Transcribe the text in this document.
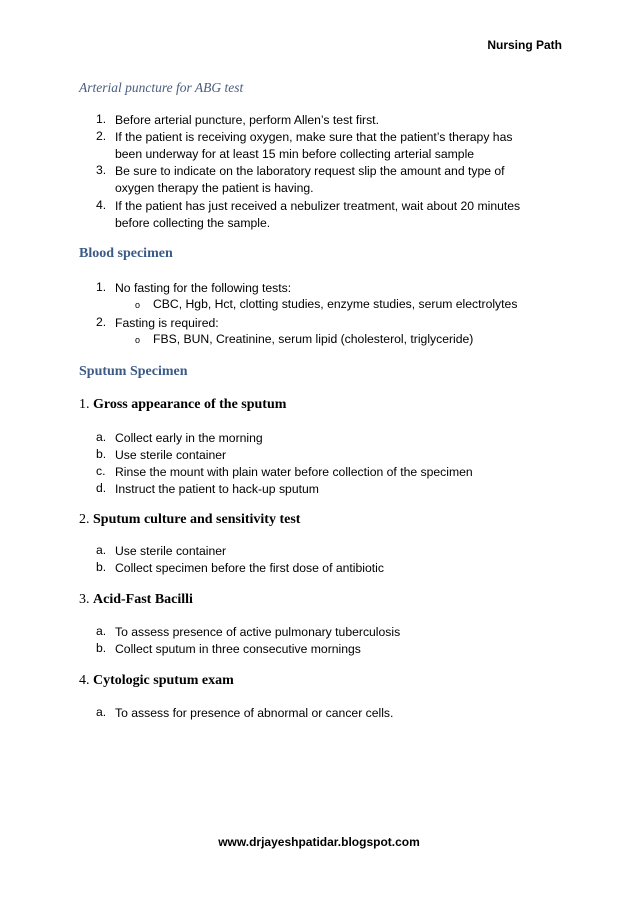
Nursing Path
Arterial puncture for ABG test
1. Before arterial puncture, perform Allen’s test first.
2. If the patient is receiving oxygen, make sure that the patient’s therapy has
been underway for at least 15 min before collecting arterial sample
3. Be sure to indicate on the laboratory request slip the amount and type of
oxygen therapy the patient is having.
4. If the patient has just received a nebulizer treatment, wait about 20 minutes
before collecting the sample.
Blood specimen
1. No fasting for the following tests:
o CBC, Hgb, Hct, clotting studies, enzyme studies, serum electrolytes
2. Fasting is required:
o FBS, BUN, Creatinine, serum lipid (cholesterol, triglyceride)
Sputum Specimen
1. Gross appearance of the sputum
a. Collect early in the morning
b. Use sterile container
c. Rinse the mount with plain water before collection of the specimen
d. Instruct the patient to hack-up sputum
2. Sputum culture and sensitivity test
a. Use sterile container
b. Collect specimen before the first dose of antibiotic
3. Acid-Fast Bacilli
a. To assess presence of active pulmonary tuberculosis
b. Collect sputum in three consecutive mornings
4. Cytologic sputum exam
a. To assess for presence of abnormal or cancer cells.
www.drjayeshpatidar.blogspot.com
